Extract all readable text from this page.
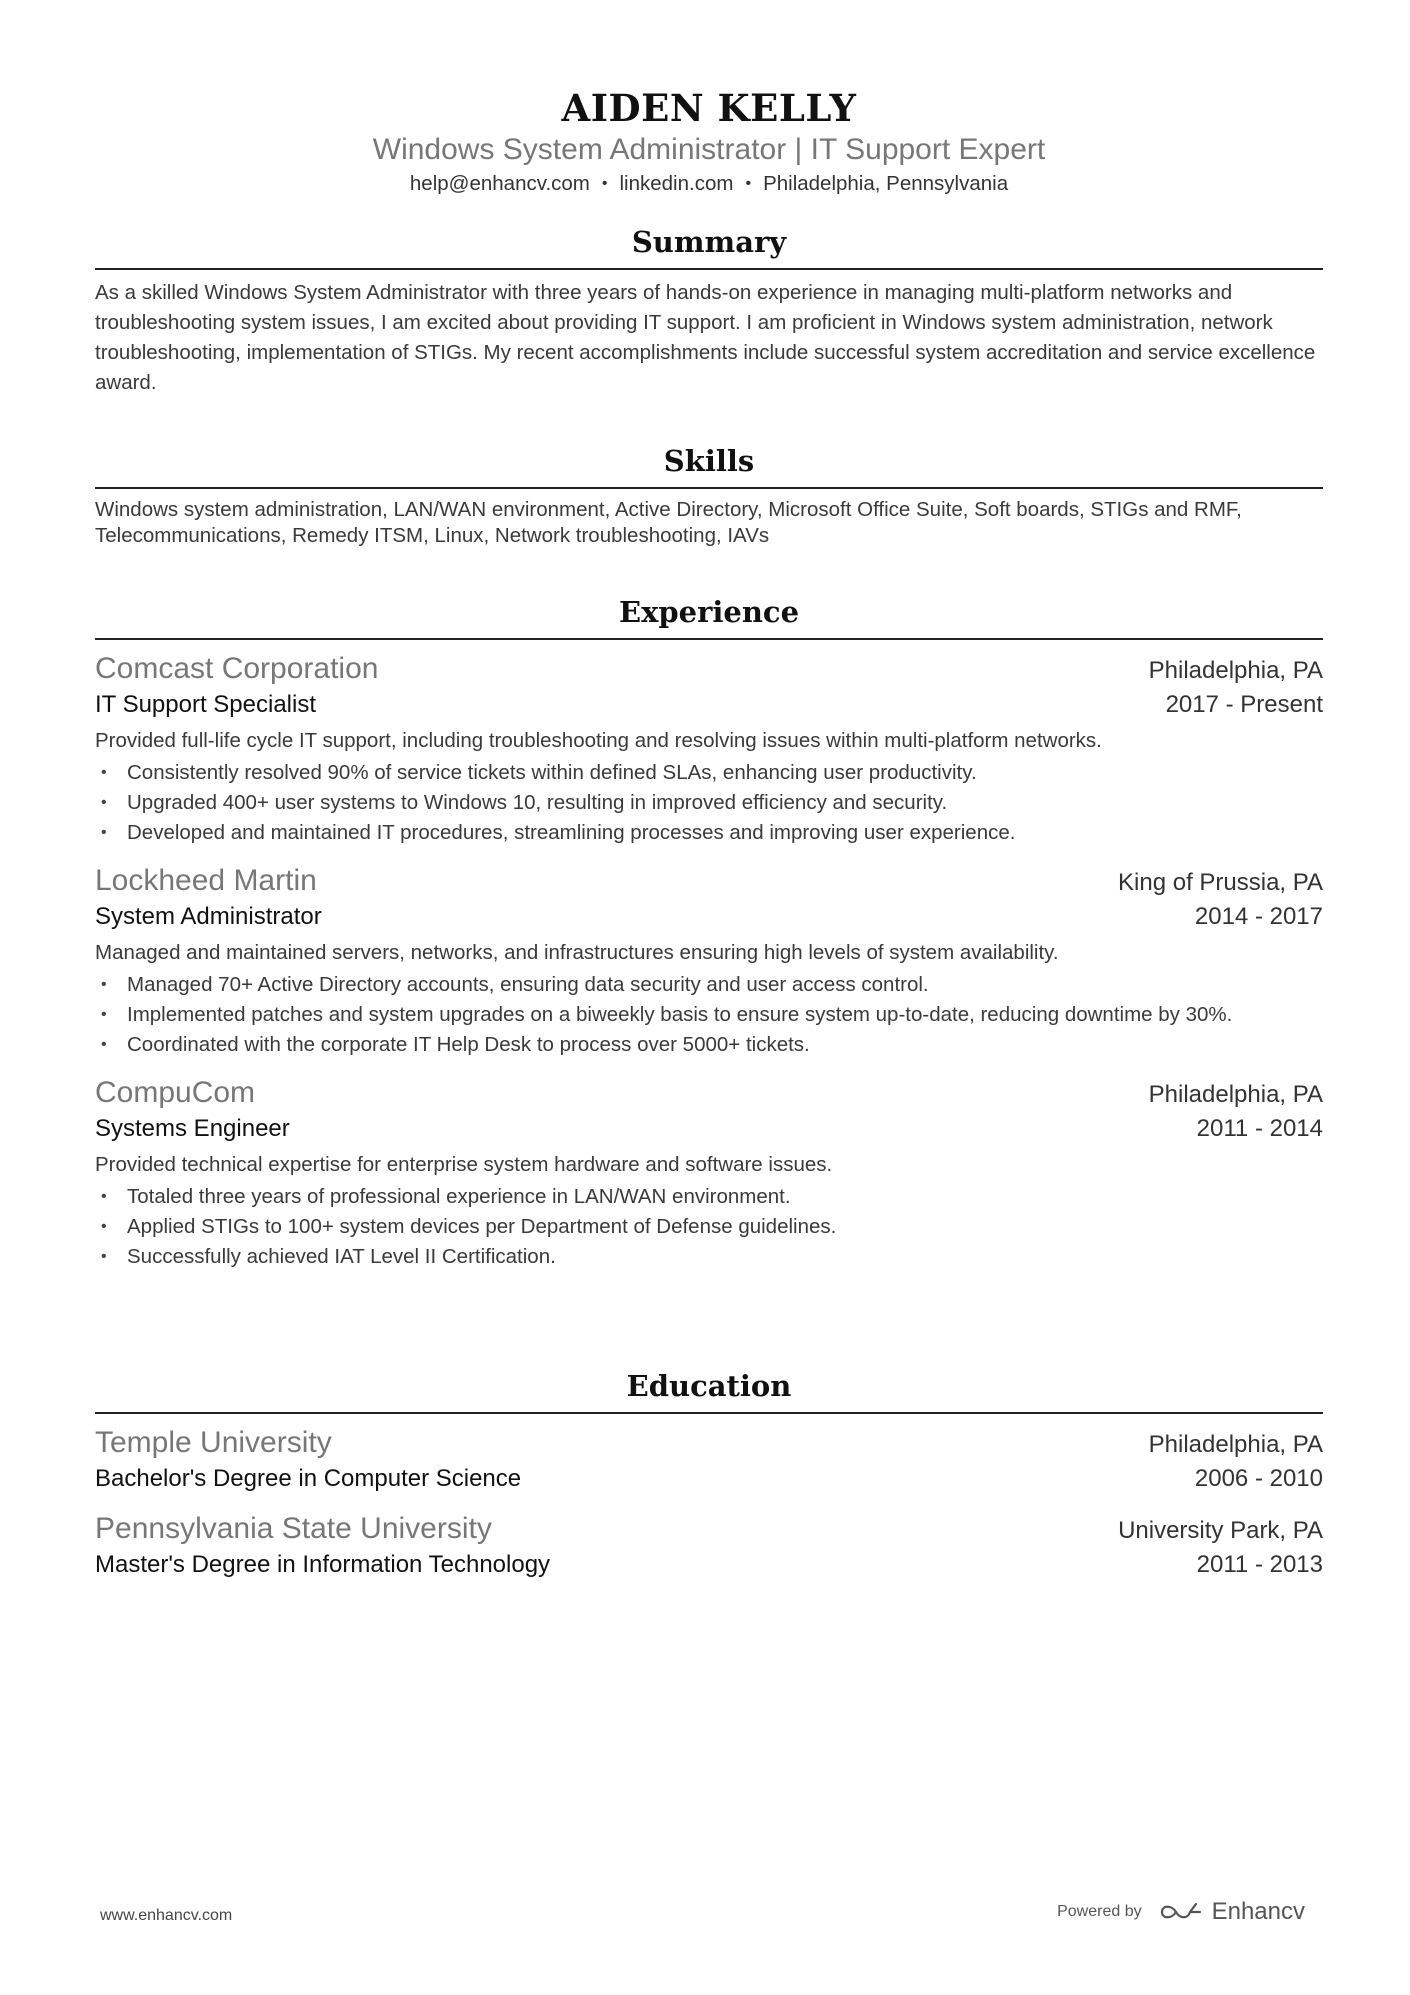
AIDEN KELLY
Windows System Administrator | IT Support Expert
help@enhancv.com • linkedin.com • Philadelphia, Pennsylvania
Summary
As a skilled Windows System Administrator with three years of hands-on experience in managing multi-platform networks and troubleshooting system issues, I am excited about providing IT support. I am proficient in Windows system administration, network troubleshooting, implementation of STIGs. My recent accomplishments include successful system accreditation and service excellence award.
Skills
Windows system administration, LAN/WAN environment, Active Directory, Microsoft Office Suite, Soft boards, STIGs and RMF, Telecommunications, Remedy ITSM, Linux, Network troubleshooting, IAVs
Experience
Comcast Corporation	Philadelphia, PA
IT Support Specialist	2017 - Present
Provided full-life cycle IT support, including troubleshooting and resolving issues within multi-platform networks.
• Consistently resolved 90% of service tickets within defined SLAs, enhancing user productivity.
• Upgraded 400+ user systems to Windows 10, resulting in improved efficiency and security.
• Developed and maintained IT procedures, streamlining processes and improving user experience.
Lockheed Martin	King of Prussia, PA
System Administrator	2014 - 2017
Managed and maintained servers, networks, and infrastructures ensuring high levels of system availability.
• Managed 70+ Active Directory accounts, ensuring data security and user access control.
• Implemented patches and system upgrades on a biweekly basis to ensure system up-to-date, reducing downtime by 30%.
• Coordinated with the corporate IT Help Desk to process over 5000+ tickets.
CompuCom	Philadelphia, PA
Systems Engineer	2011 - 2014
Provided technical expertise for enterprise system hardware and software issues.
• Totaled three years of professional experience in LAN/WAN environment.
• Applied STIGs to 100+ system devices per Department of Defense guidelines.
• Successfully achieved IAT Level II Certification.
Education
Temple University	Philadelphia, PA
Bachelor's Degree in Computer Science	2006 - 2010
Pennsylvania State University	University Park, PA
Master's Degree in Information Technology	2011 - 2013
www.enhancv.com	Powered by	Enhancv
